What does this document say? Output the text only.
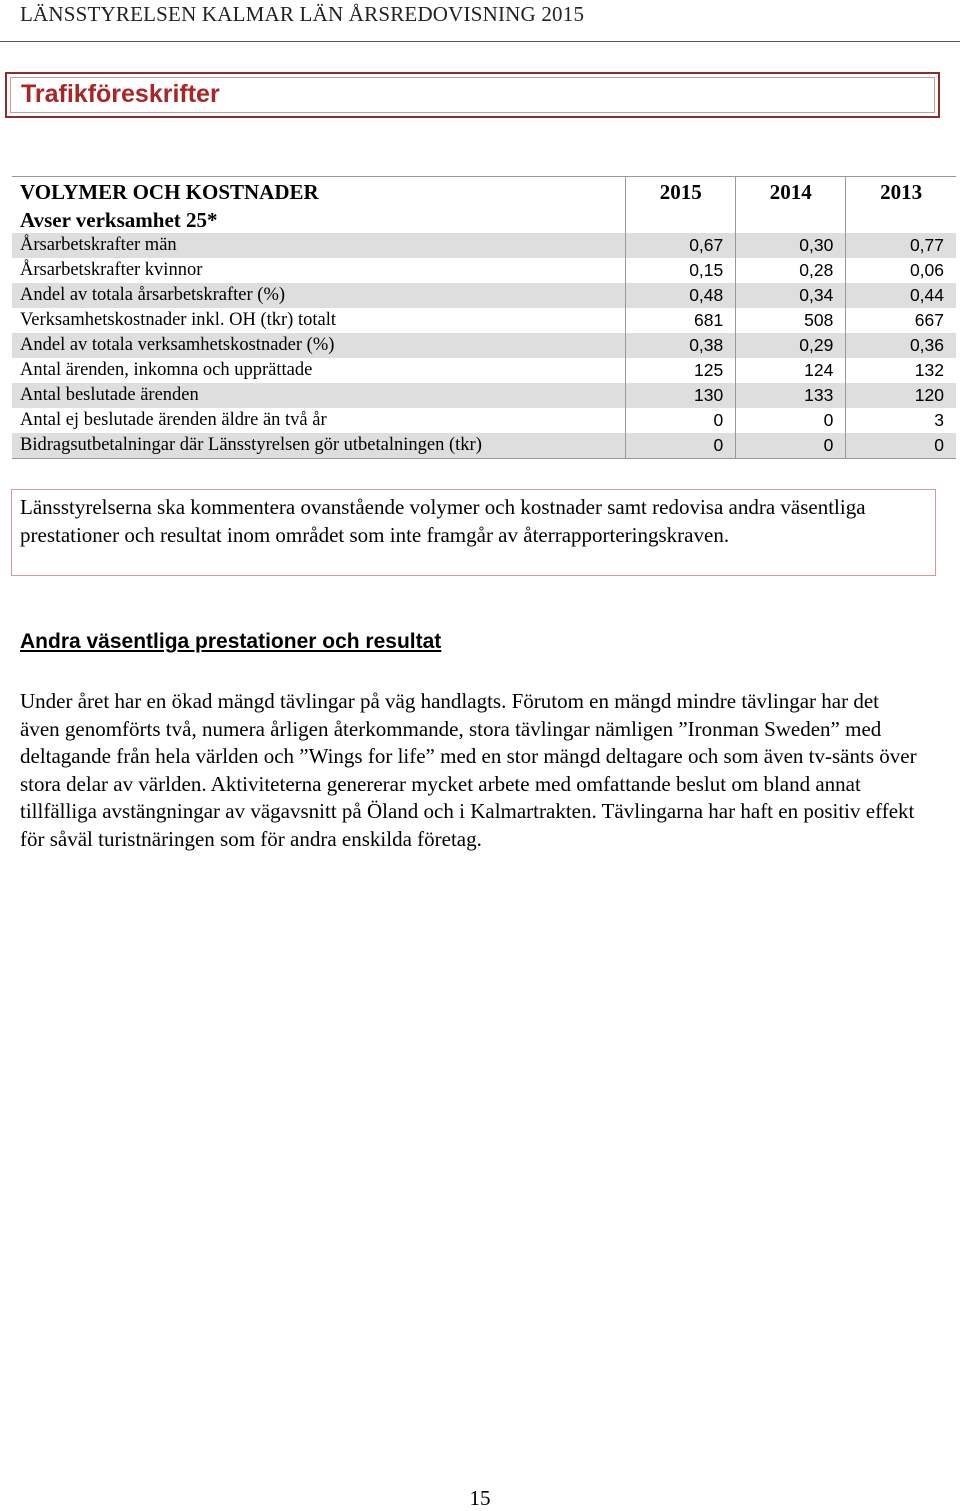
LÄNSSTYRELSEN KALMAR LÄN ÅRSREDOVISNING 2015
Trafikföreskrifter
VOLYMER OCH KOSTNADER	2015	2014	2013
Avser verksamhet 25*			
Årsarbetskrafter män	0,67	0,30	0,77
Årsarbetskrafter kvinnor	0,15	0,28	0,06
Andel av totala årsarbetskrafter (%)	0,48	0,34	0,44
Verksamhetskostnader inkl. OH (tkr) totalt	681	508	667
Andel av totala verksamhetskostnader (%)	0,38	0,29	0,36
Antal ärenden, inkomna och upprättade	125	124	132
Antal beslutade ärenden	130	133	120
Antal ej beslutade ärenden äldre än två år	0	0	3
Bidragsutbetalningar där Länsstyrelsen gör utbetalningen (tkr)	0	0	0
Länsstyrelserna ska kommentera ovanstående volymer och kostnader samt redovisa andra väsentliga prestationer och resultat inom området som inte framgår av återrapporteringskraven.
Andra väsentliga prestationer och resultat
Under året har en ökad mängd tävlingar på väg handlagts. Förutom en mängd mindre tävlingar har det även genomförts två, numera årligen återkommande, stora tävlingar nämligen ”Ironman Sweden” med deltagande från hela världen och ”Wings for life” med en stor mängd deltagare och som även tv-sänts över stora delar av världen. Aktiviteterna genererar mycket arbete med omfattande beslut om bland annat tillfälliga avstängningar av vägavsnitt på Öland och i Kalmartrakten. Tävlingarna har haft en positiv effekt för såväl turistnäringen som för andra enskilda företag.
15
